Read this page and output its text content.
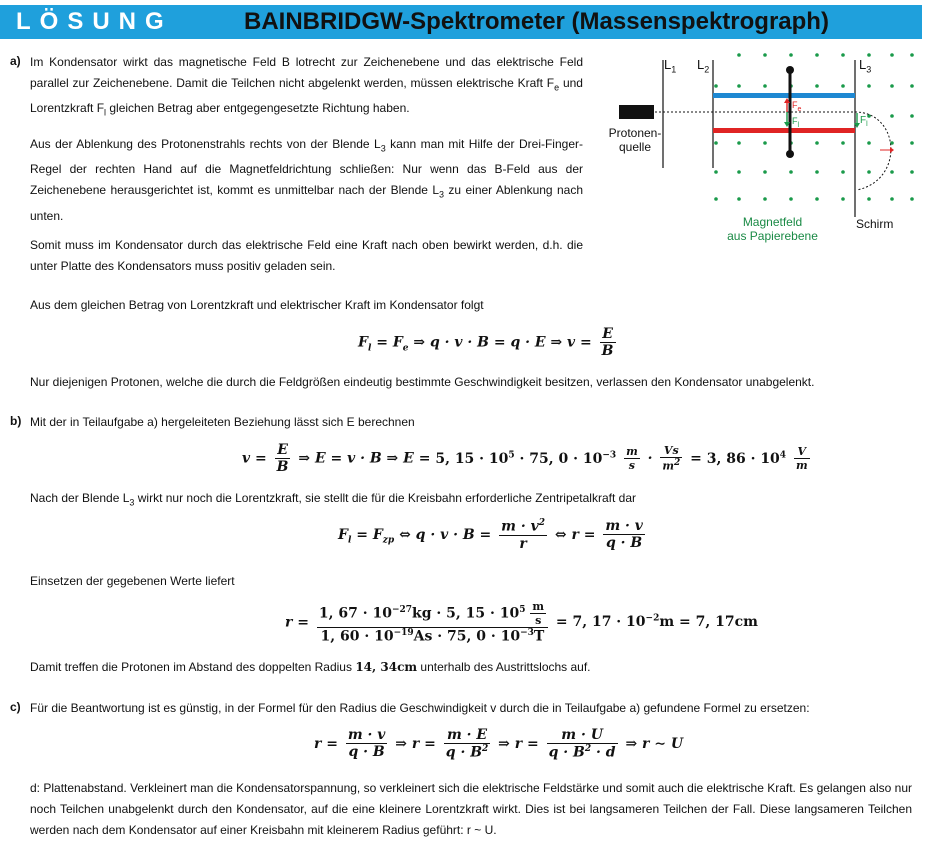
LÖSUNG	BAINBRIDGW-Spektrometer (Massenspektrograph)
$L_1$ $L_2$	$L_3$
Protonen-
quelle
Magnetfeld
aus Papierebene
Schirm
$F_e$
$F_l$	$F_l$
a) Im Kondensator wirkt das magnetische Feld B lotrecht zur Zeichenebene und das elektrische Feld parallel zur Zeichenebene. Damit die Teilchen nicht abgelenkt werden, müssen elektrische Kraft $F_e$ und Lorentzkraft $F_l$ gleichen Betrag aber entgegengesetzte Richtung haben.
Aus der Ablenkung des Protonenstrahls rechts von der Blende $L_3$ kann man mit Hilfe der Drei-Finger-Regel der rechten Hand auf die Magnetfeldrichtung schließen: Nur wenn das B-Feld aus der Zeichenebene herausgerichtet ist, kommt es unmittelbar nach der Blende $L_3$ zu einer Ablenkung nach unten.
Somit muss im Kondensator durch das elektrische Feld eine Kraft nach oben bewirkt werden, d.h. die unter Platte des Kondensators muss positiv geladen sein.
Aus dem gleichen Betrag von Lorentzkraft und elektrischer Kraft im Kondensator folgt
$F_l = F_e$ ⇒ q · v · B = q · E ⇒ $v = \frac{E}{B}$
Nur diejenigen Protonen, welche die durch die Feldgrößen eindeutig bestimmte Geschwindigkeit besitzen, verlassen den Kondensator unabgelenkt.
b) Mit der in Teilaufgabe a) hergeleiteten Beziehung lässt sich E berechnen
$v = \frac{E}{B}$ ⇒ E = v · B ⇒ E = 5, $15 \cdot 10^5 \cdot 75$, $0 \cdot 10^{-3} \frac{m}{s} \cdot \frac{Vs}{m^2} = 3$, $86 \cdot 10^4 \frac{V}{m}$
Nach der Blende $L_3$ wirkt nur noch die Lorentzkraft, sie stellt die für die Kreisbahn erforderliche Zentripetalkraft dar
$F_l = F_{zp}$ ⇔ $q \cdot v \cdot B = \frac{m \cdot v^2}{r}$ ⇔ $r = \frac{m \cdot v}{q \cdot B}$
Einsetzen der gegebenen Werte liefert
$r = \frac{1, 67 \cdot 10^{-27}kg \cdot 5, 15 \cdot 10^5 \frac{m}{s}}{1, 60 \cdot 10^{-19}As \cdot 75, 0 \cdot 10^{-3}T} = 7$, $17 \cdot 10^{-2}m = 7$, 17cm
Damit treffen die Protonen im Abstand des doppelten Radius 14, 34cm unterhalb des Austrittslochs auf.
c) Für die Beantwortung ist es günstig, in der Formel für den Radius die Geschwindigkeit v durch die in Teilaufgabe a) gefundene Formel zu ersetzen:
$r = \frac{m \cdot v}{q \cdot B}$ ⇒ $r = \frac{m \cdot E}{q \cdot B^2}$ ⇒ $r = \frac{m \cdot U}{q \cdot B^2 \cdot d}$ ⇒ r ∼ U
d: Plattenabstand. Verkleinert man die Kondensatorspannung, so verkleinert sich die elektrische Feldstärke und somit auch die elektrische Kraft. Es gelangen also nur noch Teilchen unabgelenkt durch den Kondensator, auf die eine kleinere Lorentzkraft wirkt. Dies ist bei langsameren Teilchen der Fall. Diese langsameren Teilchen werden nach dem Kondensator auf einer Kreisbahn mit kleinerem Radius geführt: r ~ U.
